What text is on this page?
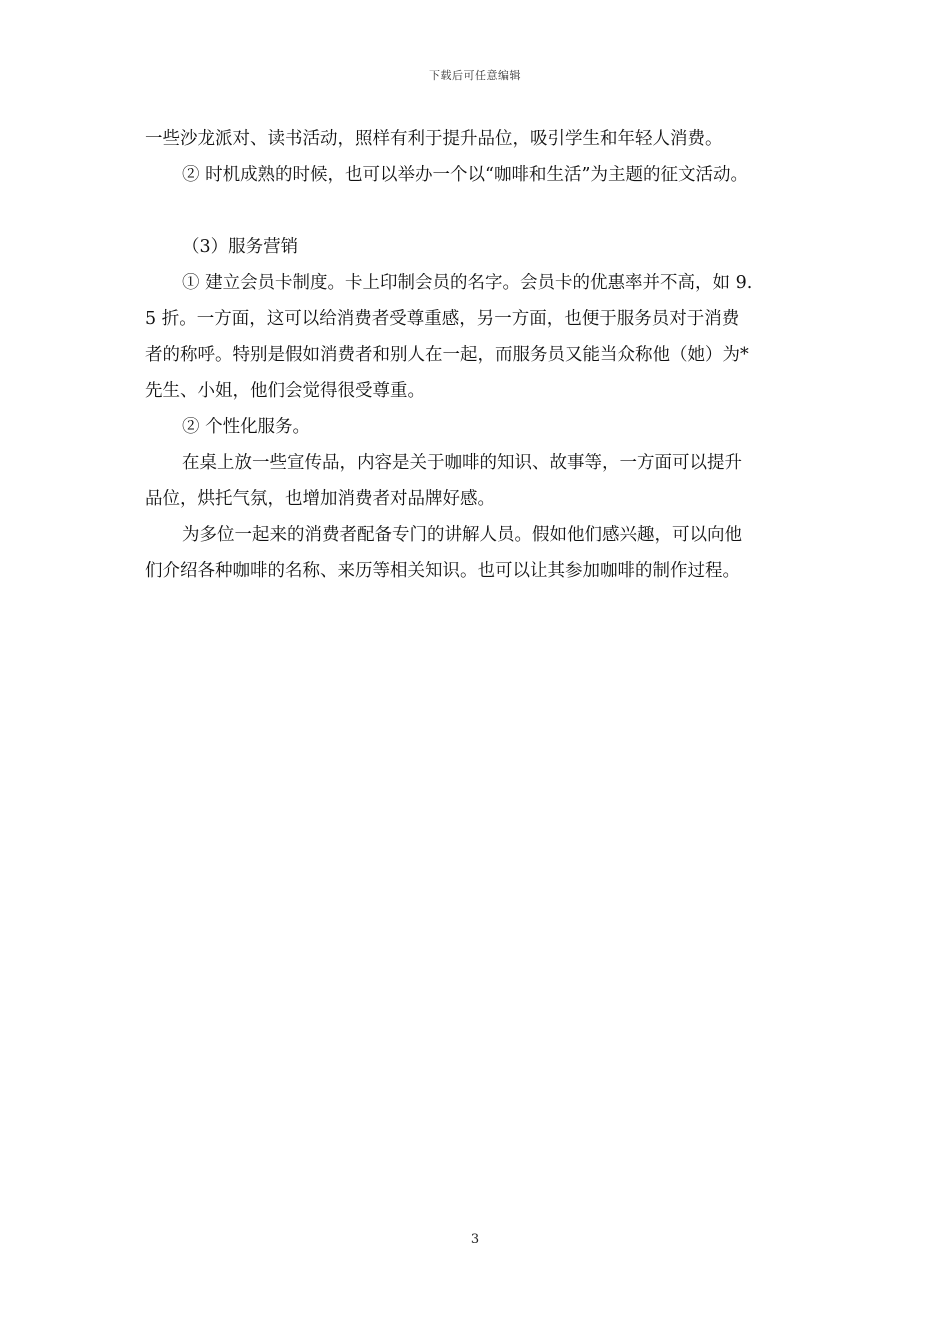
下载后可任意编辑
一些沙龙派对、读书活动，照样有利于提升品位，吸引学生和年轻人消费。
② 时机成熟的时候，也可以举办一个以“咖啡和生活”为主题的征文活动。
（3）服务营销
① 建立会员卡制度。卡上印制会员的名字。会员卡的优惠率并不高，如 9.
5 折。一方面，这可以给消费者受尊重感，另一方面，也便于服务员对于消费
者的称呼。特别是假如消费者和别人在一起，而服务员又能当众称他（她）为*
先生、小姐，他们会觉得很受尊重。
② 个性化服务。
在桌上放一些宣传品，内容是关于咖啡的知识、故事等，一方面可以提升
品位，烘托气氛，也增加消费者对品牌好感。
为多位一起来的消费者配备专门的讲解人员。假如他们感兴趣，可以向他
们介绍各种咖啡的名称、来历等相关知识。也可以让其参加咖啡的制作过程。
3
